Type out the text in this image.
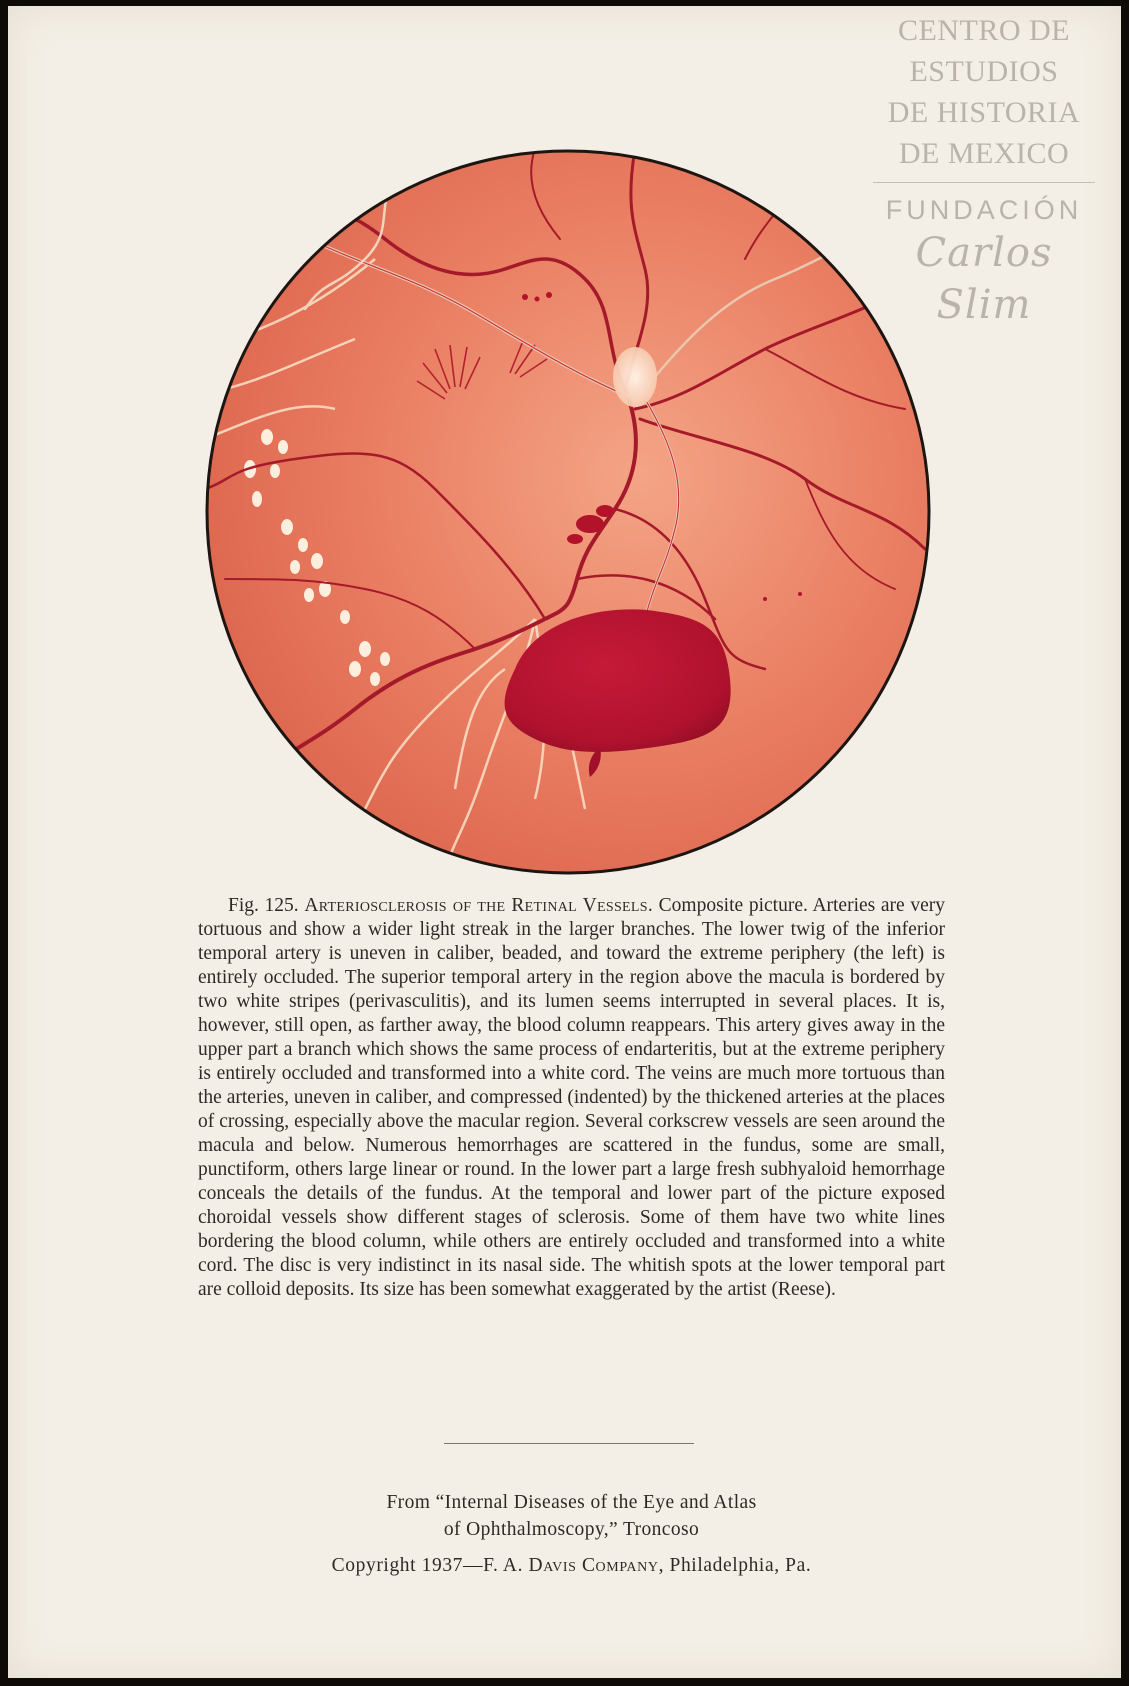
CENTRO DE
ESTUDIOS
DE HISTORIA
DE MEXICO
FUNDACIÓN
Carlos Slim
Fig. 125. Arteriosclerosis of the Retinal Vessels. Composite picture. Arteries are very tortuous and show a wider light streak in the larger branches. The lower twig of the inferior temporal artery is uneven in caliber, beaded, and toward the extreme periphery (the left) is entirely occluded. The superior temporal artery in the region above the macula is bordered by two white stripes (perivasculitis), and its lumen seems interrupted in several places. It is, however, still open, as farther away, the blood column reappears. This artery gives away in the upper part a branch which shows the same process of endarteritis, but at the extreme periphery is entirely occluded and transformed into a white cord. The veins are much more tortuous than the arteries, uneven in caliber, and compressed (indented) by the thickened arteries at the places of crossing, especially above the macular region. Several corkscrew vessels are seen around the macula and below. Numerous hemorrhages are scattered in the fundus, some are small, punctiform, others large linear or round. In the lower part a large fresh subhyaloid hemorrhage conceals the details of the fundus. At the temporal and lower part of the picture exposed choroidal vessels show different stages of sclerosis. Some of them have two white lines bordering the blood column, while others are entirely occluded and transformed into a white cord. The disc is very indistinct in its nasal side. The whitish spots at the lower temporal part are colloid deposits. Its size has been somewhat exaggerated by the artist (Reese).
From “Internal Diseases of the Eye and Atlas
of Ophthalmoscopy,” Troncoso
Copyright 1937—F. A. Davis Company, Philadelphia, Pa.
